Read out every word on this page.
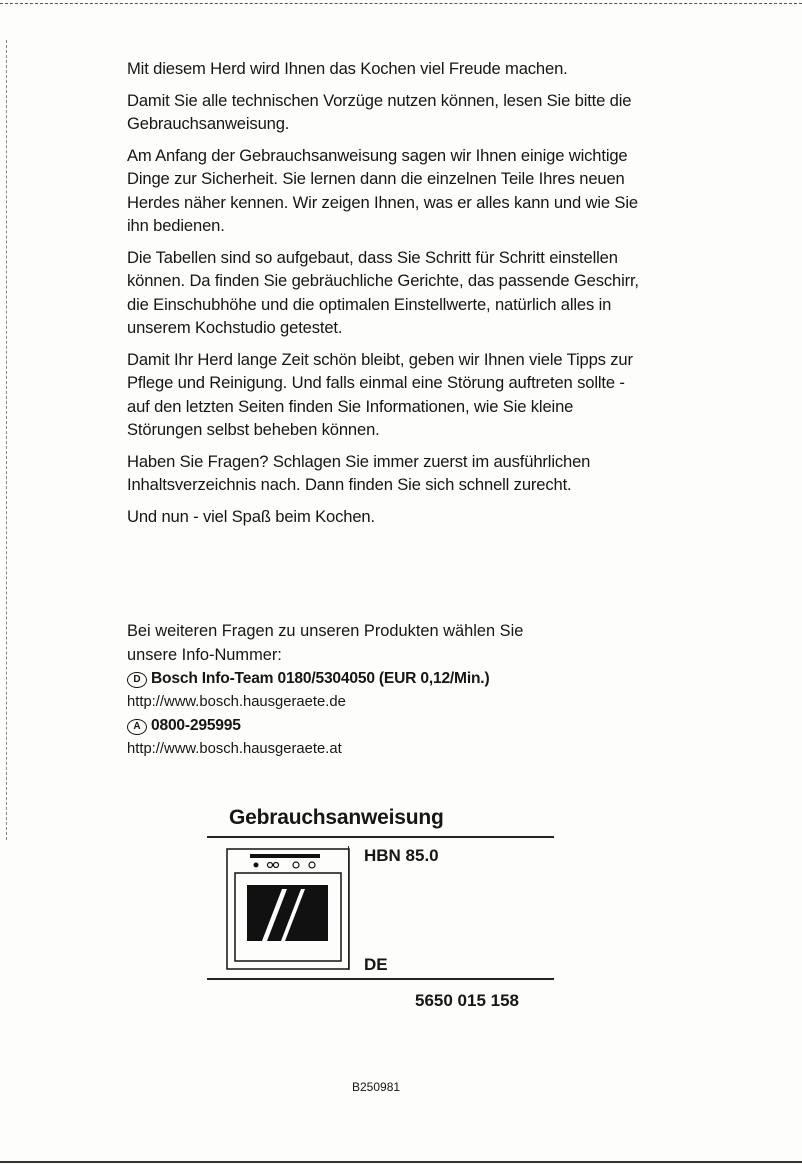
Mit diesem Herd wird Ihnen das Kochen viel Freude machen.

Damit Sie alle technischen Vorzüge nutzen können, lesen Sie bitte die Gebrauchsanweisung.

Am Anfang der Gebrauchsanweisung sagen wir Ihnen einige wichtige Dinge zur Sicherheit. Sie lernen dann die einzelnen Teile Ihres neuen Herdes näher kennen. Wir zeigen Ihnen, was er alles kann und wie Sie ihn bedienen.

Die Tabellen sind so aufgebaut, dass Sie Schritt für Schritt einstellen können. Da finden Sie gebräuchliche Gerichte, das passende Geschirr, die Einschubhöhe und die optimalen Einstellwerte, natürlich alles in unserem Kochstudio getestet.

Damit Ihr Herd lange Zeit schön bleibt, geben wir Ihnen viele Tipps zur Pflege und Reinigung. Und falls einmal eine Störung auftreten sollte - auf den letzten Seiten finden Sie Informationen, wie Sie kleine Störungen selbst beheben können.

Haben Sie Fragen? Schlagen Sie immer zuerst im ausführlichen Inhaltsverzeichnis nach. Dann finden Sie sich schnell zurecht.

Und nun - viel Spaß beim Kochen.

Bei weiteren Fragen zu unseren Produkten wählen Sie
unsere Info-Nummer:
D Bosch Info-Team 0180/5304050 (EUR 0,12/Min.)
http://www.bosch.hausgeraete.de
A 0800-295995
http://www.bosch.hausgeraete.at
Gebrauchsanweisung
HBN 85.0
DE
5650 015 158
B250981
